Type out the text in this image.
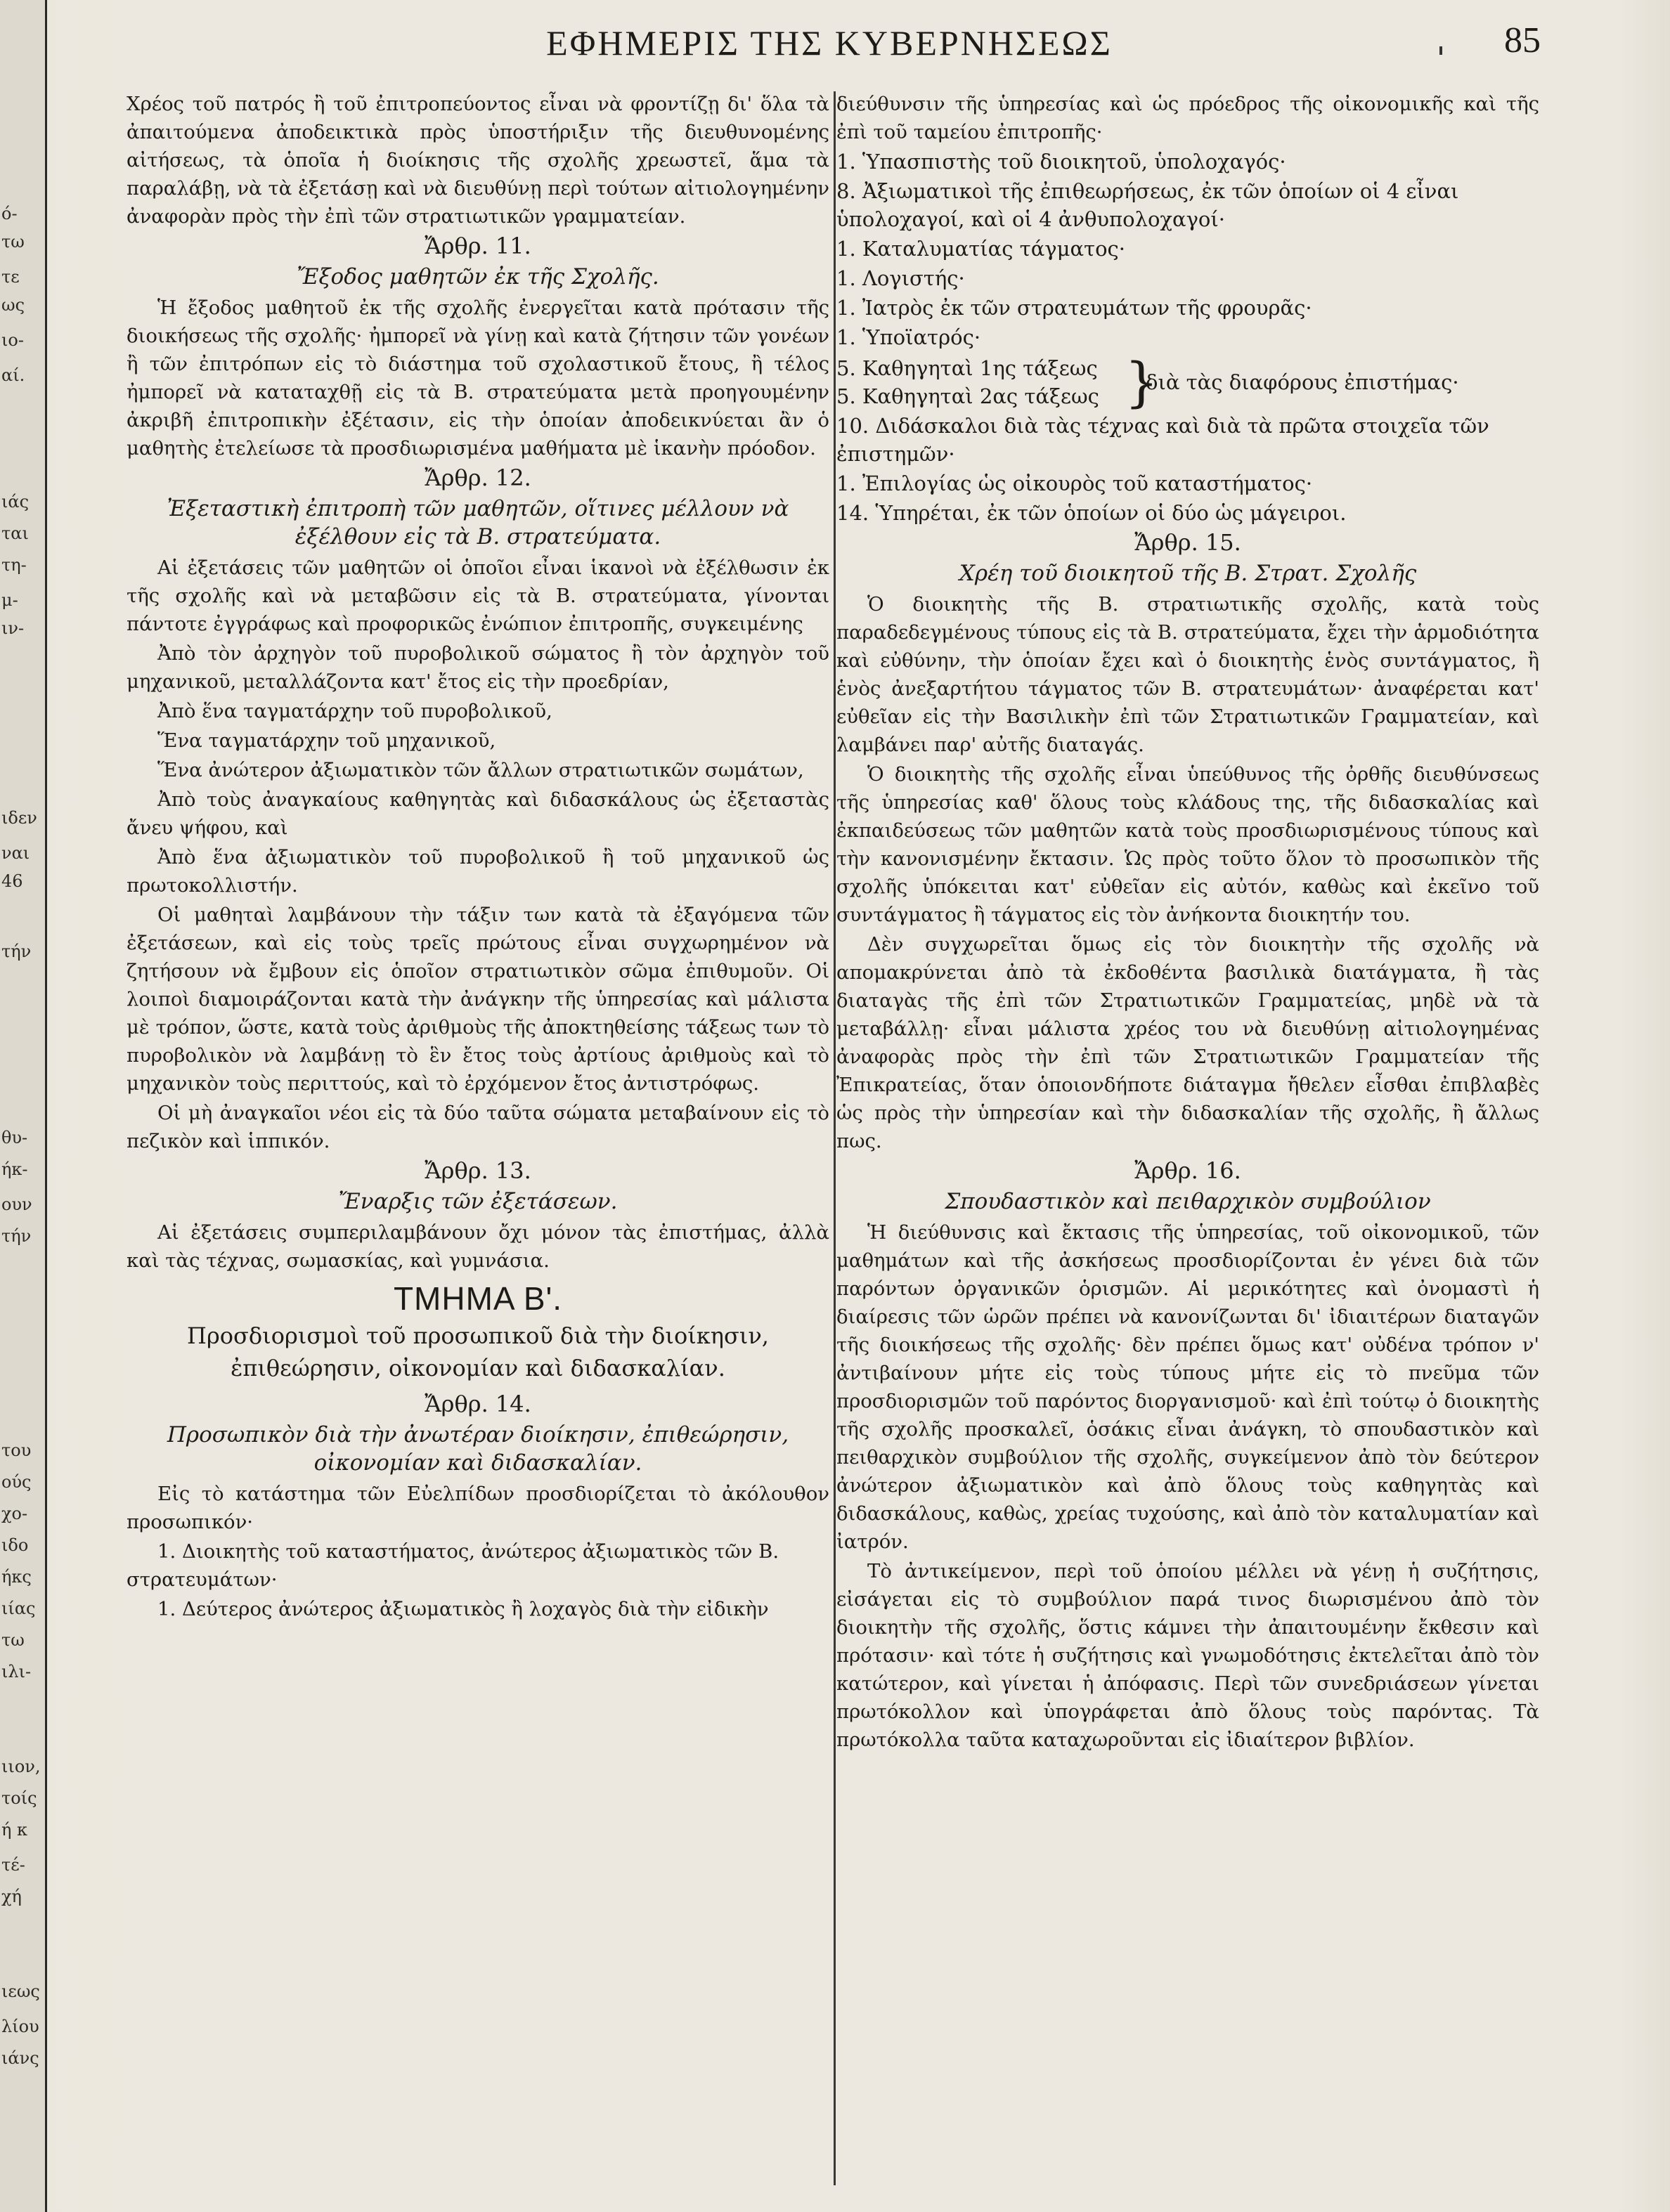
ό-
τω
τε
ως
ιο-
αί.
ιάς
ται
τη-
μ-
ιν-
ιδεν
ναι
46
τήν
θυ-
ήκ-
ουν
τήν
του
ούς
χο-
ιδο
ήκς
ιίας
τω
ιλι-
ιιον,
τοίς
ή κ
τέ-
χή
ιεως
λίου
ιάνς
ΕΦΗΜΕΡΙΣ ΤΗΣ ΚΥΒΕΡΝΗΣΕΩΣ	85

Χρέος τοῦ πατρός ἢ τοῦ ἐπιτροπεύοντος εἶναι νὰ φροντίζῃ δι' ὅλα τὰ ἀπαιτούμενα ἀποδεικτικὰ πρὸς ὑποστήριξιν τῆς διευθυνομένης αἰτήσεως, τὰ ὁποῖα ἡ διοίκησις τῆς σχολῆς χρεωστεῖ, ἅμα τὰ παραλάβῃ, νὰ τὰ ἐξετάσῃ καὶ νὰ διευθύνῃ περὶ τούτων αἰτιολογημένην ἀναφορὰν πρὸς τὴν ἐπὶ τῶν στρατιωτικῶν γραμματείαν.

Ἄρθρ. 11.
Ἔξοδος μαθητῶν ἐκ τῆς Σχολῆς.

Ἡ ἔξοδος μαθητοῦ ἐκ τῆς σχολῆς ἐνεργεῖται κατὰ πρότασιν τῆς διοικήσεως τῆς σχολῆς· ἠμπορεῖ νὰ γίνῃ καὶ κατὰ ζήτησιν τῶν γονέων ἢ τῶν ἐπιτρόπων εἰς τὸ διάστημα τοῦ σχολαστικοῦ ἔτους, ἢ τέλος ἠμπορεῖ νὰ καταταχθῇ εἰς τὰ Β. στρατεύματα μετὰ προηγουμένην ἀκριβῆ ἐπιτροπικὴν ἐξέτασιν, εἰς τὴν ὁποίαν ἀποδεικνύεται ἂν ὁ μαθητὴς ἐτελείωσε τὰ προσδιωρισμένα μαθήματα μὲ ἱκανὴν πρόοδον.

Ἄρθρ. 12.
Ἐξεταστικὴ ἐπιτροπὴ τῶν μαθητῶν, οἵτινες μέλλουν νὰ ἐξέλθουν εἰς τὰ Β. στρατεύματα.

Αἱ ἐξετάσεις τῶν μαθητῶν οἱ ὁποῖοι εἶναι ἱκανοὶ νὰ ἐξέλθωσιν ἐκ τῆς σχολῆς καὶ νὰ μεταβῶσιν εἰς τὰ Β. στρατεύματα, γίνονται πάντοτε ἐγγράφως καὶ προφορικῶς ἐνώπιον ἐπιτροπῆς, συγκειμένης

Ἀπὸ τὸν ἀρχηγὸν τοῦ πυροβολικοῦ σώματος ἢ τὸν ἀρχηγὸν τοῦ μηχανικοῦ, μεταλλάζοντα κατ' ἔτος εἰς τὴν προεδρίαν,

Ἀπὸ ἕνα ταγματάρχην τοῦ πυροβολικοῦ,

Ἕνα ταγματάρχην τοῦ μηχανικοῦ,

Ἕνα ἀνώτερον ἀξιωματικὸν τῶν ἄλλων στρατιωτικῶν σωμάτων,

Ἀπὸ τοὺς ἀναγκαίους καθηγητὰς καὶ διδασκάλους ὡς ἐξεταστὰς ἄνευ ψήφου, καὶ

Ἀπὸ ἕνα ἀξιωματικὸν τοῦ πυροβολικοῦ ἢ τοῦ μηχανικοῦ ὡς πρωτοκολλιστήν.

Οἱ μαθηταὶ λαμβάνουν τὴν τάξιν των κατὰ τὰ ἐξαγόμενα τῶν ἐξετάσεων, καὶ εἰς τοὺς τρεῖς πρώτους εἶναι συγχωρημένον νὰ ζητήσουν νὰ ἔμβουν εἰς ὁποῖον στρατιωτικὸν σῶμα ἐπιθυμοῦν. Οἱ λοιποὶ διαμοιράζονται κατὰ τὴν ἀνάγκην τῆς ὑπηρεσίας καὶ μάλιστα μὲ τρόπον, ὥστε, κατὰ τοὺς ἀριθμοὺς τῆς ἀποκτηθείσης τάξεως των τὸ πυροβολικὸν νὰ λαμβάνῃ τὸ ἓν ἔτος τοὺς ἀρτίους ἀριθμοὺς καὶ τὸ μηχανικὸν τοὺς περιττούς, καὶ τὸ ἐρχόμενον ἔτος ἀντιστρόφως.

Οἱ μὴ ἀναγκαῖοι νέοι εἰς τὰ δύο ταῦτα σώματα μεταβαίνουν εἰς τὸ πεζικὸν καὶ ἱππικόν.

Ἄρθρ. 13.
Ἔναρξις τῶν ἐξετάσεων.

Αἱ ἐξετάσεις συμπεριλαμβάνουν ὄχι μόνον τὰς ἐπιστήμας, ἀλλὰ καὶ τὰς τέχνας, σωμασκίας, καὶ γυμνάσια.

ΤΜΗΜΑ Β'.
Προσδιορισμοὶ τοῦ προσωπικοῦ διὰ τὴν διοίκησιν, ἐπιθεώρησιν, οἰκονομίαν καὶ διδασκαλίαν.
Ἄρθρ. 14.
Προσωπικὸν διὰ τὴν ἀνωτέραν διοίκησιν, ἐπιθεώρησιν, οἰκονομίαν καὶ διδασκαλίαν.

Εἰς τὸ κατάστημα τῶν Εὐελπίδων προσδιορίζεται τὸ ἀκόλουθον προσωπικόν·

1. Διοικητὴς τοῦ καταστήματος, ἀνώτερος ἀξιωματικὸς τῶν Β. στρατευμάτων·

1. Δεύτερος ἀνώτερος ἀξιωματικὸς ἢ λοχαγὸς διὰ τὴν εἰδικὴν

διεύθυνσιν τῆς ὑπηρεσίας καὶ ὡς πρόεδρος τῆς οἰκονομικῆς καὶ τῆς ἐπὶ τοῦ ταμείου ἐπιτροπῆς·

1. Ὑπασπιστὴς τοῦ διοικητοῦ, ὑπολοχαγός·

8. Ἀξιωματικοὶ τῆς ἐπιθεωρήσεως, ἐκ τῶν ὁποίων οἱ 4 εἶναι ὑπολοχαγοί, καὶ οἱ 4 ἀνθυπολοχαγοί·

1. Καταλυματίας τάγματος·

1. Λογιστής·

1. Ἰατρὸς ἐκ τῶν στρατευμάτων τῆς φρουρᾶς·

1. Ὑποϊατρός·

5. Καθηγηταὶ 1ης τάξεως
5. Καθηγηταὶ 2ας τάξεως }
διὰ τὰς διαφόρους ἐπιστήμας·

10. Διδάσκαλοι διὰ τὰς τέχνας καὶ διὰ τὰ πρῶτα στοιχεῖα τῶν ἐπιστημῶν·

1. Ἐπιλογίας ὡς οἰκουρὸς τοῦ καταστήματος·

14. Ὑπηρέται, ἐκ τῶν ὁποίων οἱ δύο ὡς μάγειροι.

Ἄρθρ. 15.
Χρέη τοῦ διοικητοῦ τῆς Β. Στρατ. Σχολῆς

Ὁ διοικητὴς τῆς Β. στρατιωτικῆς σχολῆς, κατὰ τοὺς παραδεδεγμένους τύπους εἰς τὰ Β. στρατεύματα, ἔχει τὴν ἁρμοδιότητα καὶ εὐθύνην, τὴν ὁποίαν ἔχει καὶ ὁ διοικητὴς ἑνὸς συντάγματος, ἢ ἑνὸς ἀνεξαρτήτου τάγματος τῶν Β. στρατευμάτων· ἀναφέρεται κατ' εὐθεῖαν εἰς τὴν Βασιλικὴν ἐπὶ τῶν Στρατιωτικῶν Γραμματείαν, καὶ λαμβάνει παρ' αὐτῆς διαταγάς.

Ὁ διοικητὴς τῆς σχολῆς εἶναι ὑπεύθυνος τῆς ὀρθῆς διευθύνσεως τῆς ὑπηρεσίας καθ' ὅλους τοὺς κλάδους της, τῆς διδασκαλίας καὶ ἐκπαιδεύσεως τῶν μαθητῶν κατὰ τοὺς προσδιωρισμένους τύπους καὶ τὴν κανονισμένην ἔκτασιν. Ὡς πρὸς τοῦτο ὅλον τὸ προσωπικὸν τῆς σχολῆς ὑπόκειται κατ' εὐθεῖαν εἰς αὐτόν, καθὼς καὶ ἐκεῖνο τοῦ συντάγματος ἢ τάγματος εἰς τὸν ἀνήκοντα διοικητήν του.

Δὲν συγχωρεῖται ὅμως εἰς τὸν διοικητὴν τῆς σχολῆς νὰ απομακρύνεται ἀπὸ τὰ ἐκδοθέντα βασιλικὰ διατάγματα, ἢ τὰς διαταγὰς τῆς ἐπὶ τῶν Στρατιωτικῶν Γραμματείας, μηδὲ νὰ τὰ μεταβάλλῃ· εἶναι μάλιστα χρέος του νὰ διευθύνῃ αἰτιολογημένας ἀναφορὰς πρὸς τὴν ἐπὶ τῶν Στρατιωτικῶν Γραμματείαν τῆς Ἐπικρατείας, ὅταν ὁποιονδήποτε διάταγμα ἤθελεν εἶσθαι ἐπιβλαβὲς ὡς πρὸς τὴν ὑπηρεσίαν καὶ τὴν διδασκαλίαν τῆς σχολῆς, ἢ ἄλλως πως.

Ἄρθρ. 16.
Σπουδαστικὸν καὶ πειθαρχικὸν συμβούλιον

Ἡ διεύθυνσις καὶ ἔκτασις τῆς ὑπηρεσίας, τοῦ οἰκονομικοῦ, τῶν μαθημάτων καὶ τῆς ἀσκήσεως προσδιορίζονται ἐν γένει διὰ τῶν παρόντων ὀργανικῶν ὁρισμῶν. Αἱ μερικότητες καὶ ὀνομαστὶ ἡ διαίρεσις τῶν ὡρῶν πρέπει νὰ κανονίζωνται δι' ἰδιαιτέρων διαταγῶν τῆς διοικήσεως τῆς σχολῆς· δὲν πρέπει ὅμως κατ' οὐδένα τρόπον ν' ἀντιβαίνουν μήτε εἰς τοὺς τύπους μήτε εἰς τὸ πνεῦμα τῶν προσδιορισμῶν τοῦ παρόντος διοργανισμοῦ· καὶ ἐπὶ τούτῳ ὁ διοικητὴς τῆς σχολῆς προσκαλεῖ, ὁσάκις εἶναι ἀνάγκη, τὸ σπουδαστικὸν καὶ πειθαρχικὸν συμβούλιον τῆς σχολῆς, συγκείμενον ἀπὸ τὸν δεύτερον ἀνώτερον ἀξιωματικὸν καὶ ἀπὸ ὅλους τοὺς καθηγητὰς καὶ διδασκάλους, καθὼς, χρείας τυχούσης, καὶ ἀπὸ τὸν καταλυματίαν καὶ ἰατρόν.

Τὸ ἀντικείμενον, περὶ τοῦ ὁποίου μέλλει νὰ γένῃ ἡ συζήτησις, εἰσάγεται εἰς τὸ συμβούλιον παρά τινος διωρισμένου ἀπὸ τὸν διοικητὴν τῆς σχολῆς, ὅστις κάμνει τὴν ἀπαιτουμένην ἔκθεσιν καὶ πρότασιν· καὶ τότε ἡ συζήτησις καὶ γνωμοδότησις ἐκτελεῖται ἀπὸ τὸν κατώτερον, καὶ γίνεται ἡ ἀπόφασις. Περὶ τῶν συνεδριάσεων γίνεται πρωτόκολλον καὶ ὑπογράφεται ἀπὸ ὅλους τοὺς παρόντας. Τὰ πρωτόκολλα ταῦτα καταχωροῦνται εἰς ἰδιαίτερον βιβλίον.
